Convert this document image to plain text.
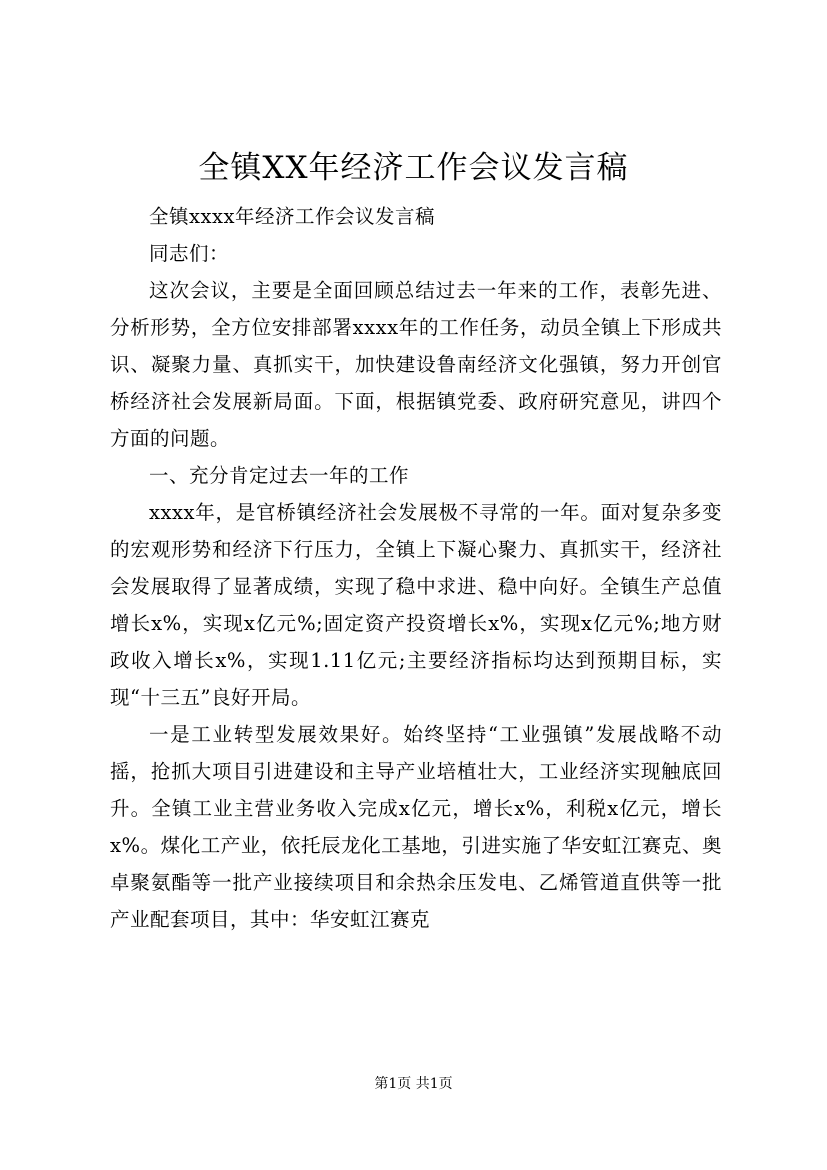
全镇XX年经济工作会议发言稿

全镇xxxx年经济工作会议发言稿

同志们：

这次会议，主要是全面回顾总结过去一年来的工作，表彰先进、分析形势，全方位安排部署xxxx年的工作任务，动员全镇上下形成共识、凝聚力量、真抓实干，加快建设鲁南经济文化强镇，努力开创官桥经济社会发展新局面。下面，根据镇党委、政府研究意见，讲四个方面的问题。

一、充分肯定过去一年的工作

xxxx年，是官桥镇经济社会发展极不寻常的一年。面对复杂多变的宏观形势和经济下行压力，全镇上下凝心聚力、真抓实干，经济社会发展取得了显著成绩，实现了稳中求进、稳中向好。全镇生产总值增长x%，实现x亿元%;固定资产投资增长x%，实现x亿元%;地方财政收入增长x%，实现1.11亿元;主要经济指标均达到预期目标，实现“十三五”良好开局。

一是工业转型发展效果好。始终坚持“工业强镇”发展战略不动摇，抢抓大项目引进建设和主导产业培植壮大，工业经济实现触底回升。全镇工业主营业务收入完成x亿元，增长x%，利税x亿元，增长x%。煤化工产业，依托辰龙化工基地，引进实施了华安虹江赛克、奥卓聚氨酯等一批产业接续项目和余热余压发电、乙烯管道直供等一批产业配套项目，其中：华安虹江赛克

第1页 共1页
